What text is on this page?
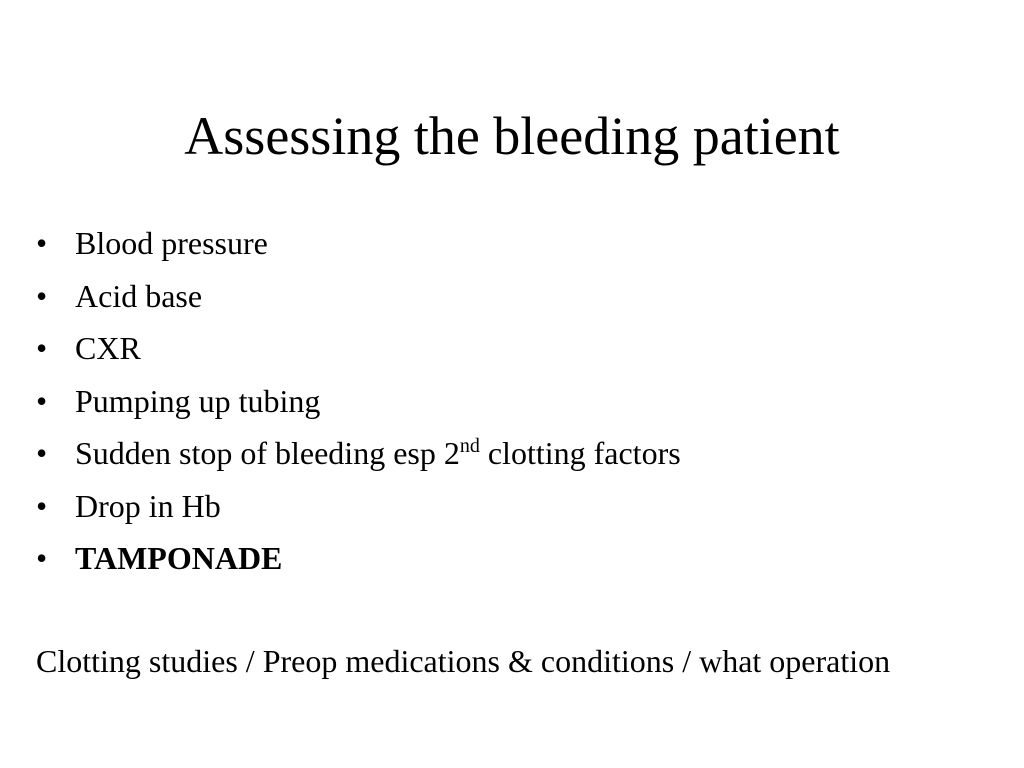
Assessing the bleeding patient
• Blood pressure
• Acid base
• CXR
• Pumping up tubing
• Sudden stop of bleeding esp 2nd clotting factors
• Drop in Hb
• TAMPONADE

Clotting studies / Preop medications & conditions / what operation
